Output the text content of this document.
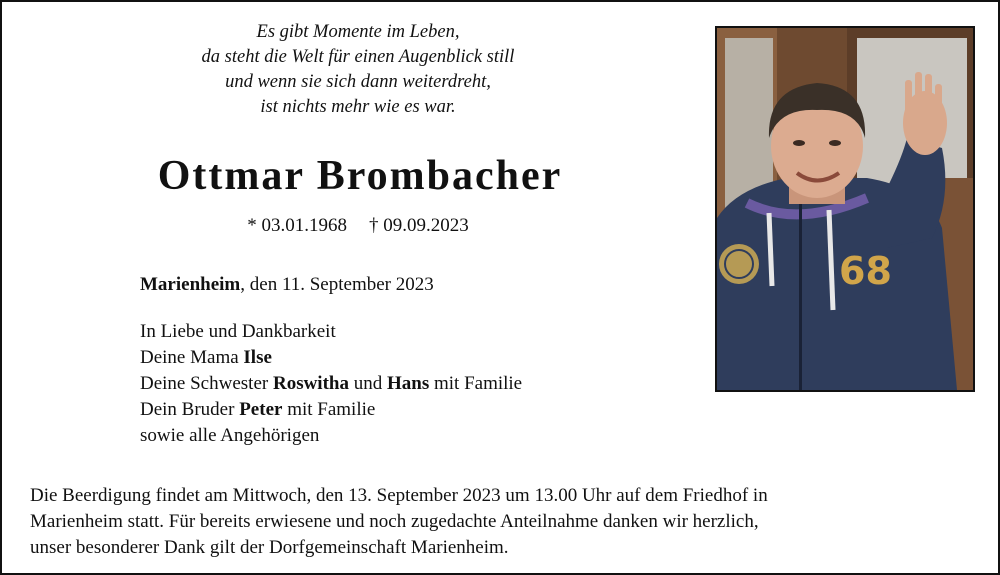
Es gibt Momente im Leben,
da steht die Welt für einen Augenblick still
und wenn sie sich dann weiterdreht,
ist nichts mehr wie es war.
Ottmar Brombacher
* 03.01.1968 † 09.09.2023
Marienheim, den 11. September 2023
In Liebe und Dankbarkeit
Deine Mama Ilse
Deine Schwester Roswitha und Hans mit Familie
Dein Bruder Peter mit Familie
sowie alle Angehörigen
Die Beerdigung findet am Mittwoch, den 13. September 2023 um 13.00 Uhr auf dem Friedhof in
Marienheim statt. Für bereits erwiesene und noch zugedachte Anteilnahme danken wir herzlich,
unser besonderer Dank gilt der Dorfgemeinschaft Marienheim.
68
